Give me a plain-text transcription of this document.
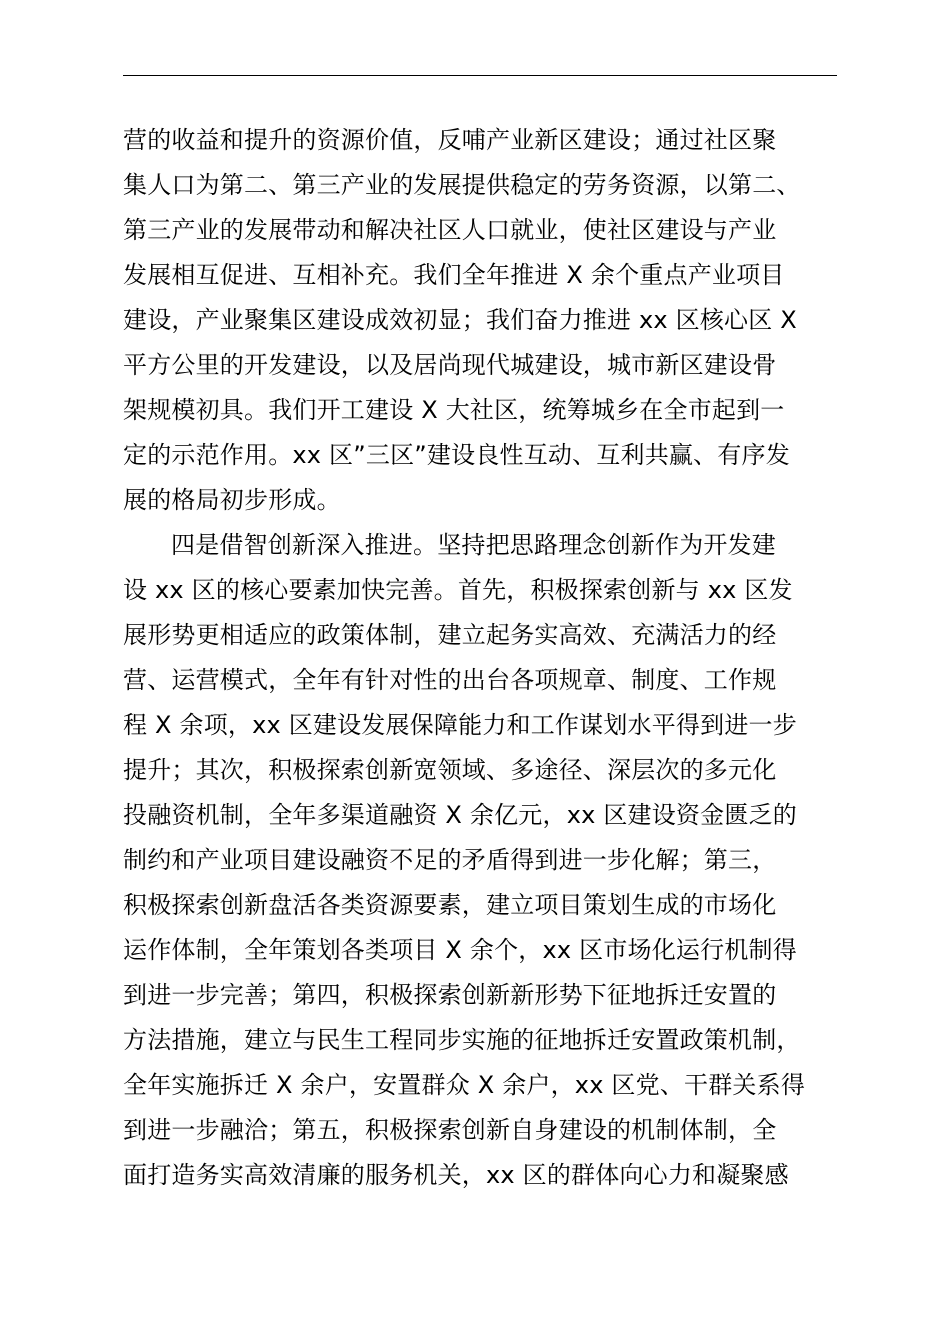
营的收益和提升的资源价值，反哺产业新区建设；通过社区聚
集人口为第二、第三产业的发展提供稳定的劳务资源，以第二、
第三产业的发展带动和解决社区人口就业，使社区建设与产业
发展相互促进、互相补充。我们全年推进 X 余个重点产业项目
建设，产业聚集区建设成效初显；我们奋力推进 xx 区核心区 X
平方公里的开发建设，以及居尚现代城建设，城市新区建设骨
架规模初具。我们开工建设 X 大社区，统筹城乡在全市起到一
定的示范作用。xx 区”三区”建设良性互动、互利共赢、有序发
展的格局初步形成。
四是借智创新深入推进。坚持把思路理念创新作为开发建
设 xx 区的核心要素加快完善。首先，积极探索创新与 xx 区发
展形势更相适应的政策体制，建立起务实高效、充满活力的经
营、运营模式，全年有针对性的出台各项规章、制度、工作规
程 X 余项，xx 区建设发展保障能力和工作谋划水平得到进一步
提升；其次，积极探索创新宽领域、多途径、深层次的多元化
投融资机制，全年多渠道融资 X 余亿元，xx 区建设资金匮乏的
制约和产业项目建设融资不足的矛盾得到进一步化解；第三，
积极探索创新盘活各类资源要素，建立项目策划生成的市场化
运作体制，全年策划各类项目 X 余个，xx 区市场化运行机制得
到进一步完善；第四，积极探索创新新形势下征地拆迁安置的
方法措施，建立与民生工程同步实施的征地拆迁安置政策机制，
全年实施拆迁 X 余户，安置群众 X 余户，xx 区党、干群关系得
到进一步融洽；第五，积极探索创新自身建设的机制体制，全
面打造务实高效清廉的服务机关，xx 区的群体向心力和凝聚感
